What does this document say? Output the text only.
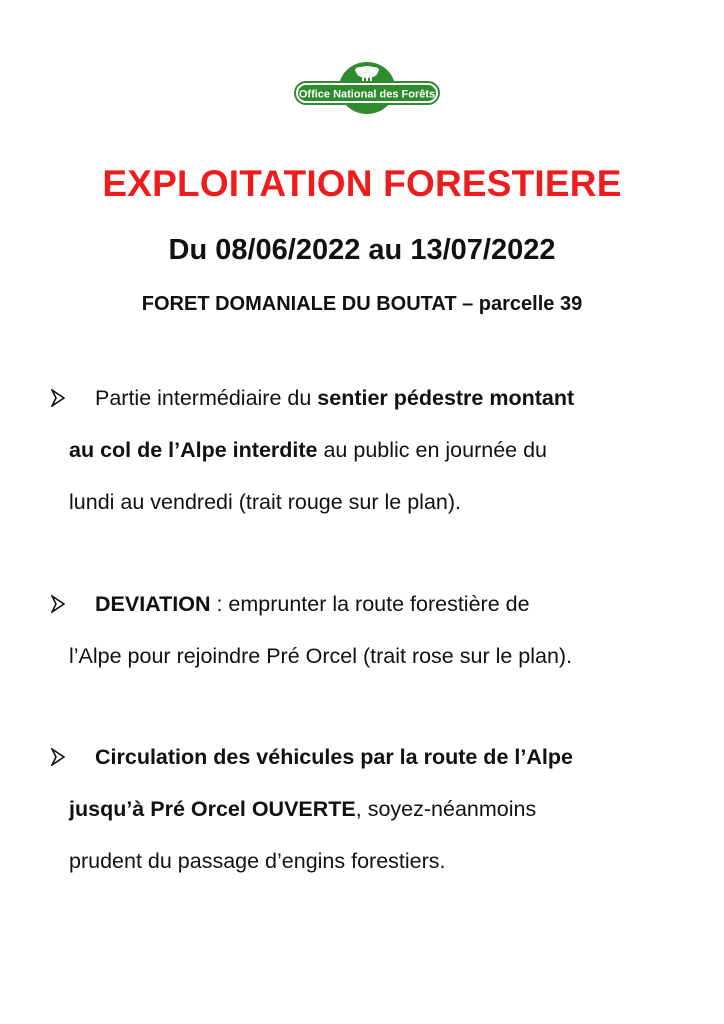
Office National des Forêts
EXPLOITATION FORESTIERE
Du 08/06/2022 au 13/07/2022
FORET DOMANIALE DU BOUTAT – parcelle 39

Partie intermédiaire du sentier pédestre montant

au col de l’Alpe interdite au public en journée du

lundi au vendredi (trait rouge sur le plan).

DEVIATION : emprunter la route forestière de

l’Alpe pour rejoindre Pré Orcel (trait rose sur le plan).

Circulation des véhicules par la route de l’Alpe

jusqu’à Pré Orcel OUVERTE, soyez-néanmoins

prudent du passage d’engins forestiers.
